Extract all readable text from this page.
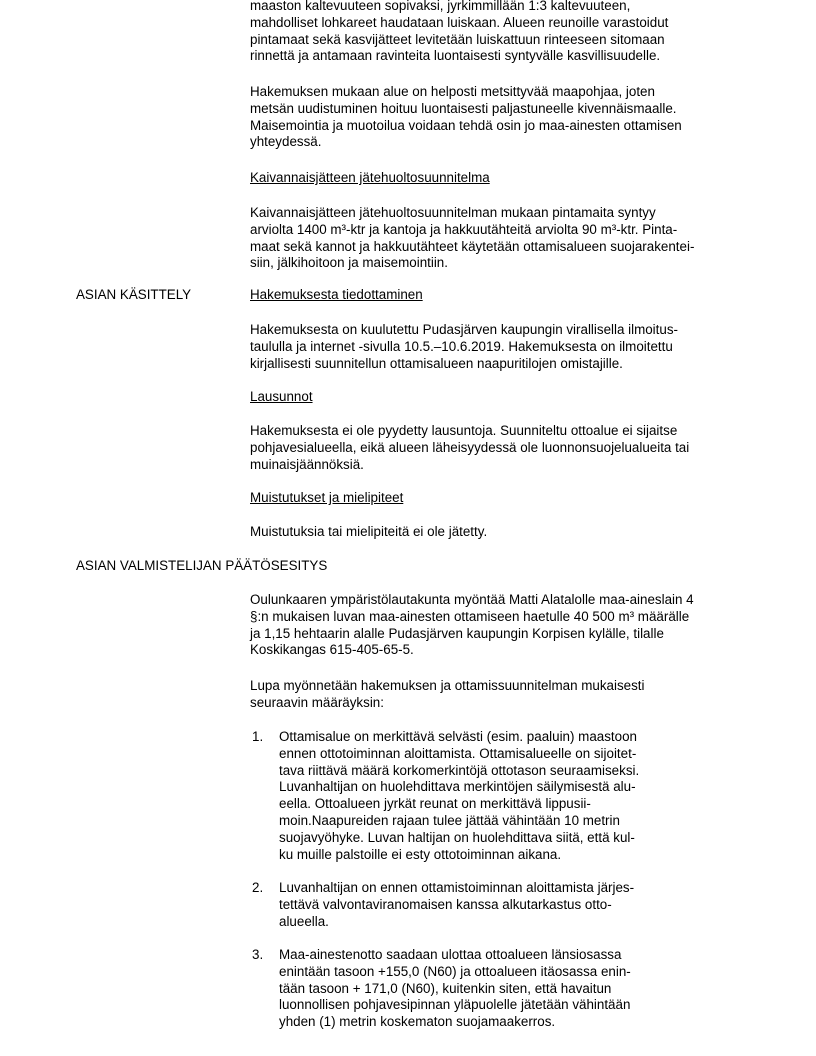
maaston kaltevuuteen sopivaksi, jyrkimmillään 1:3 kaltevuuteen,
mahdolliset lohkareet haudataan luiskaan. Alueen reunoille varastoidut
pintamaat sekä kasvijätteet levitetään luiskattuun rinteeseen sitomaan
rinnettä ja antamaan ravinteita luontaisesti syntyvälle kasvillisuudelle.
Hakemuksen mukaan alue on helposti metsittyvää maapohjaa, joten
metsän uudistuminen hoituu luontaisesti paljastuneelle kivennäismaalle.
Maisemointia ja muotoilua voidaan tehdä osin jo maa-ainesten ottamisen
yhteydessä.
Kaivannaisjätteen jätehuoltosuunnitelma
Kaivannaisjätteen jätehuoltosuunnitelman mukaan pintamaita syntyy
arviolta 1400 m³-ktr ja kantoja ja hakkuutähteitä arviolta 90 m³-ktr. Pinta-
maat sekä kannot ja hakkuutähteet käytetään ottamisalueen suojarakentei-
siin, jälkihoitoon ja maisemointiin.
ASIAN KÄSITTELY	Hakemuksesta tiedottaminen
Hakemuksesta on kuulutettu Pudasjärven kaupungin virallisella ilmoitus-
taululla ja internet -sivulla 10.5.–10.6.2019. Hakemuksesta on ilmoitettu
kirjallisesti suunnitellun ottamisalueen naapuritilojen omistajille.
Lausunnot
Hakemuksesta ei ole pyydetty lausuntoja. Suunniteltu ottoalue ei sijaitse
pohjavesialueella, eikä alueen läheisyydessä ole luonnonsuojelualueita tai
muinaisjäännöksiä.
Muistutukset ja mielipiteet
Muistutuksia tai mielipiteitä ei ole jätetty.
ASIAN VALMISTELIJAN PÄÄTÖSESITYS
Oulunkaaren ympäristölautakunta myöntää Matti Alatalolle maa-aineslain 4
§:n mukaisen luvan maa-ainesten ottamiseen haetulle 40 500 m³ määrälle
ja 1,15 hehtaarin alalle Pudasjärven kaupungin Korpisen kylälle, tilalle
Koskikangas 615-405-65-5.
Lupa myönnetään hakemuksen ja ottamissuunnitelman mukaisesti
seuraavin määräyksin:
1. Ottamisalue on merkittävä selvästi (esim. paaluin) maastoon
ennen ottotoiminnan aloittamista. Ottamisalueelle on sijoitet-
tava riittävä määrä korkomerkintöjä ottotason seuraamiseksi.
Luvanhaltijan on huolehdittava merkintöjen säilymisestä alu-
eella. Ottoalueen jyrkät reunat on merkittävä lippusii-
moin.Naapureiden rajaan tulee jättää vähintään 10 metrin
suojavyöhyke. Luvan haltijan on huolehdittava siitä, että kul-
ku muille palstoille ei esty ottotoiminnan aikana.
2. Luvanhaltijan on ennen ottamistoiminnan aloittamista järjes-
tettävä valvontaviranomaisen kanssa alkutarkastus otto-
alueella.
3. Maa-ainestenotto saadaan ulottaa ottoalueen länsiosassa
enintään tasoon +155,0 (N60) ja ottoalueen itäosassa enin-
tään tasoon + 171,0 (N60), kuitenkin siten, että havaitun
luonnollisen pohjavesipinnan yläpuolelle jätetään vähintään
yhden (1) metrin koskematon suojamaakerros.
